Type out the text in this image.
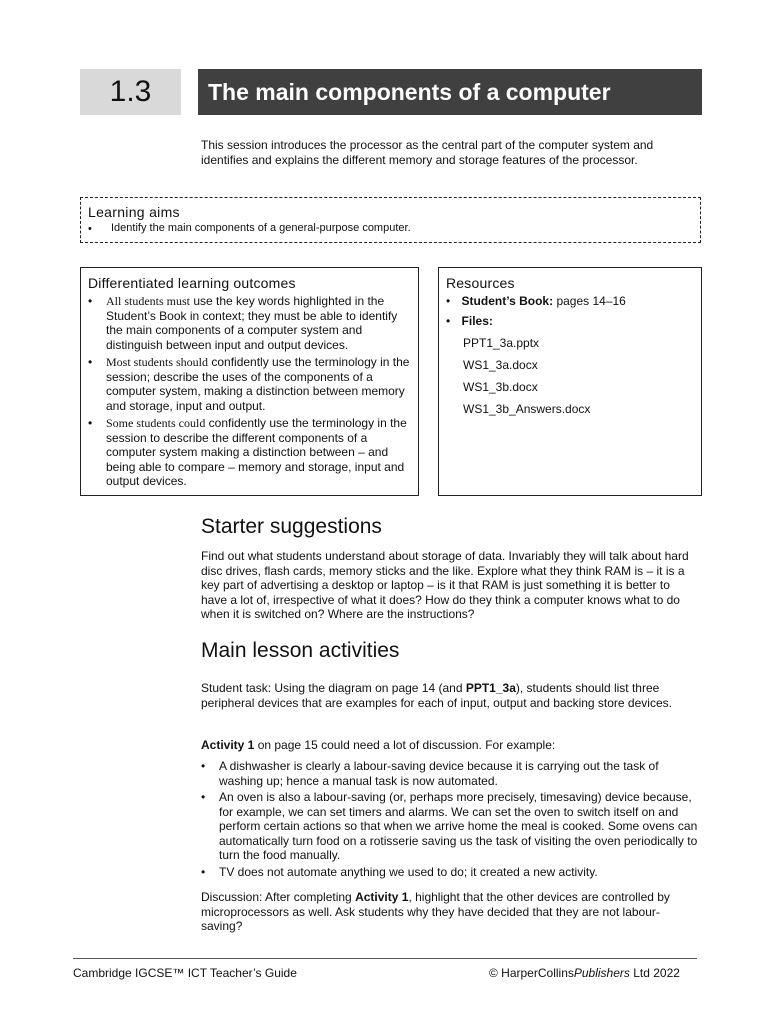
1.3	The main components of a computer
This session introduces the processor as the central part of the computer system and identifies and explains the different memory and storage features of the processor.
Learning aims
• Identify the main components of a general-purpose computer.
Differentiated learning outcomes
• All students must use the key words highlighted in the Student’s Book in context; they must be able to identify the main components of a computer system and distinguish between input and output devices.
• Most students should confidently use the terminology in the session; describe the uses of the components of a computer system, making a distinction between memory and storage, input and output.
• Some students could confidently use the terminology in the session to describe the different components of a computer system making a distinction between – and being able to compare – memory and storage, input and output devices.
Resources
• Student’s Book: pages 14–16
• Files:
PPT1_3a.pptx
WS1_3a.docx
WS1_3b.docx
WS1_3b_Answers.docx
Starter suggestions
Find out what students understand about storage of data. Invariably they will talk about hard disc drives, flash cards, memory sticks and the like. Explore what they think RAM is – it is a key part of advertising a desktop or laptop – is it that RAM is just something it is better to have a lot of, irrespective of what it does? How do they think a computer knows what to do when it is switched on? Where are the instructions?
Main lesson activities
Student task: Using the diagram on page 14 (and PPT1_3a), students should list three peripheral devices that are examples for each of input, output and backing store devices.
Activity 1 on page 15 could need a lot of discussion. For example:
• A dishwasher is clearly a labour-saving device because it is carrying out the task of washing up; hence a manual task is now automated.
• An oven is also a labour-saving (or, perhaps more precisely, timesaving) device because, for example, we can set timers and alarms. We can set the oven to switch itself on and perform certain actions so that when we arrive home the meal is cooked. Some ovens can automatically turn food on a rotisserie saving us the task of visiting the oven periodically to turn the food manually.
• TV does not automate anything we used to do; it created a new activity.
Discussion: After completing Activity 1, highlight that the other devices are controlled by microprocessors as well. Ask students why they have decided that they are not labour-saving?
Cambridge IGCSE™ ICT Teacher’s Guide	© HarperCollinsPublishers Ltd 2022
